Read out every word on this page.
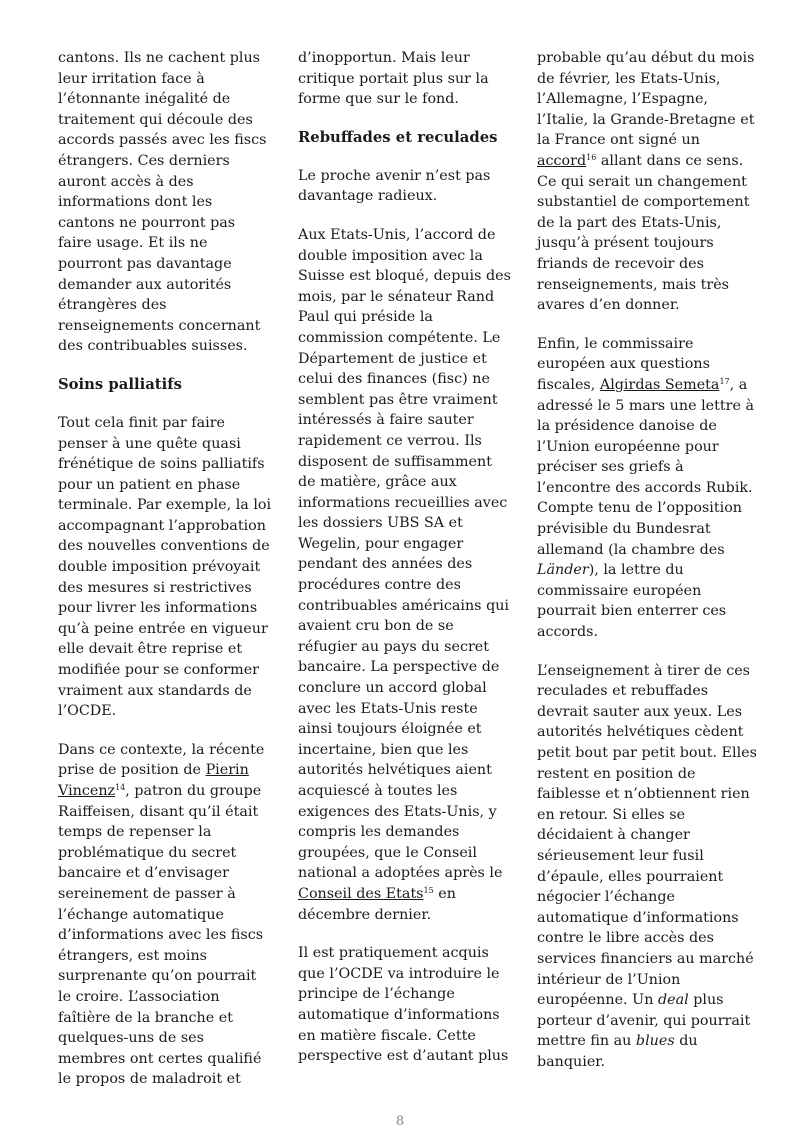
cantons. Ils ne cachent plus leur irritation face à l’étonnante inégalité de traitement qui découle des accords passés avec les fiscs étrangers. Ces derniers auront accès à des informations dont les cantons ne pourront pas faire usage. Et ils ne pourront pas davantage demander aux autorités étrangères des renseignements concernant des contribuables suisses.

Soins palliatifs

Tout cela finit par faire penser à une quête quasi frénétique de soins palliatifs pour un patient en phase terminale. Par exemple, la loi accompagnant l’approbation des nouvelles conventions de double imposition prévoyait des mesures si restrictives pour livrer les informations qu’à peine entrée en vigueur elle devait être reprise et modifiée pour se conformer vraiment aux standards de l’OCDE.

Dans ce contexte, la récente prise de position de Pierin Vincenz$^{14}$, patron du groupe Raiffeisen, disant qu’il était temps de repenser la problématique du secret bancaire et d’envisager sereinement de passer à l’échange automatique d’informations avec les fiscs étrangers, est moins surprenante qu’on pourrait le croire. L’association faîtière de la branche et quelques-uns de ses membres ont certes qualifié le propos de maladroit et

d’inopportun. Mais leur critique portait plus sur la forme que sur le fond.

Rebuffades et reculades

Le proche avenir n’est pas davantage radieux.

Aux Etats-Unis, l’accord de double imposition avec la Suisse est bloqué, depuis des mois, par le sénateur Rand Paul qui préside la commission compétente. Le Département de justice et celui des finances (fisc) ne semblent pas être vraiment intéressés à faire sauter rapidement ce verrou. Ils disposent de suffisamment de matière, grâce aux informations recueillies avec les dossiers UBS SA et Wegelin, pour engager pendant des années des procédures contre des contribuables américains qui avaient cru bon de se réfugier au pays du secret bancaire. La perspective de conclure un accord global avec les Etats-Unis reste ainsi toujours éloignée et incertaine, bien que les autorités helvétiques aient acquiescé à toutes les exigences des Etats-Unis, y compris les demandes groupées, que le Conseil national a adoptées après le Conseil des Etats$^{15}$ en décembre dernier.

Il est pratiquement acquis que l’OCDE va introduire le principe de l’échange automatique d’informations en matière fiscale. Cette perspective est d’autant plus

probable qu’au début du mois de février, les Etats-Unis, l’Allemagne, l’Espagne, l’Italie, la Grande-Bretagne et la France ont signé un accord$^{16}$ allant dans ce sens. Ce qui serait un changement substantiel de comportement de la part des Etats-Unis, jusqu’à présent toujours friands de recevoir des renseignements, mais très avares d’en donner.

Enfin, le commissaire européen aux questions fiscales, Algirdas Semeta$^{17}$, a adressé le 5 mars une lettre à la présidence danoise de l’Union européenne pour préciser ses griefs à l’encontre des accords Rubik. Compte tenu de l’opposition prévisible du Bundesrat allemand (la chambre des Länder), la lettre du commissaire européen pourrait bien enterrer ces accords.

L’enseignement à tirer de ces reculades et rebuffades devrait sauter aux yeux. Les autorités helvétiques cèdent petit bout par petit bout. Elles restent en position de faiblesse et n’obtiennent rien en retour. Si elles se décidaient à changer sérieusement leur fusil d’épaule, elles pourraient négocier l’échange automatique d’informations contre le libre accès des services financiers au marché intérieur de l’Union européenne. Un deal plus porteur d’avenir, qui pourrait mettre fin au blues du banquier.

8
